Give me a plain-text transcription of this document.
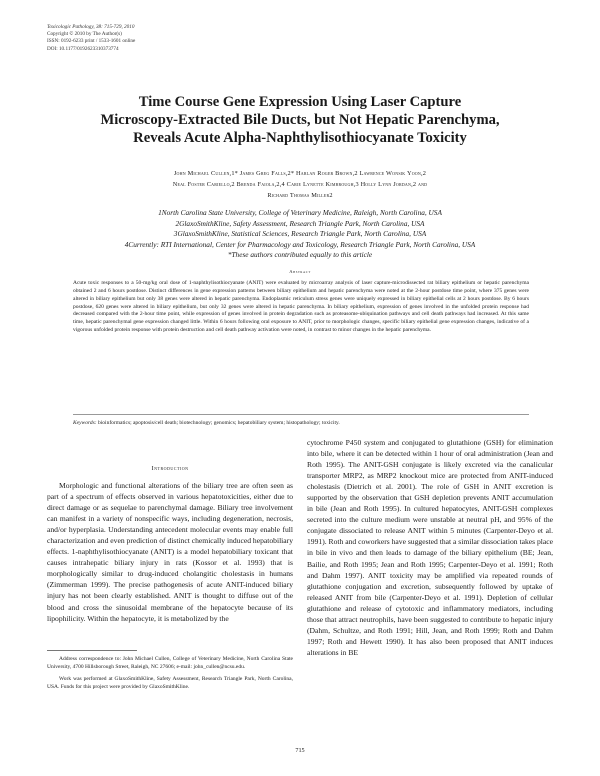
Toxicologic Pathology, 38: 715-729, 2010
Copyright © 2010 by The Author(s)
ISSN: 0192-6233 print / 1533-1601 online
DOI: 10.1177/0192623310373774
Time Course Gene Expression Using Laser Capture
Microscopy-Extracted Bile Ducts, but Not Hepatic Parenchyma,
Reveals Acute Alpha-Naphthylisothiocyanate Toxicity
John Michael Cullen,1* James Greg Falls,2* Harlan Roger Brown,2 Lawrence Wonsik Yoon,2
Neal Foster Cariello,2 Brenda Faiola,2,4 Carie Lynette Kimbrough,3 Holly Lynn Jordan,2 and
Richard Thomas Miller2
1North Carolina State University, College of Veterinary Medicine, Raleigh, North Carolina, USA
2GlaxoSmithKline, Safety Assessment, Research Triangle Park, North Carolina, USA
3GlaxoSmithKline, Statistical Sciences, Research Triangle Park, North Carolina, USA
4Currently: RTI International, Center for Pharmacology and Toxicology, Research Triangle Park, North Carolina, USA
*These authors contributed equally to this article
Abstract

Acute toxic responses to a 50-mg/kg oral dose of 1-naphthylisothiocyanate (ANIT) were evaluated by microarray analysis of laser capture-microdissected rat biliary epithelium or hepatic parenchyma obtained 2 and 6 hours postdose. Distinct differences in gene expression patterns between biliary epithelium and hepatic parenchyma were noted at the 2-hour postdose time point, where 375 genes were altered in biliary epithelium but only 38 genes were altered in hepatic parenchyma. Endoplasmic reticulum stress genes were uniquely expressed in biliary epithelial cells at 2 hours postdose. By 6 hours postdose, 620 genes were altered in biliary epithelium, but only 32 genes were altered in hepatic parenchyma. In biliary epithelium, expression of genes involved in the unfolded protein response had decreased compared with the 2-hour time point, while expression of genes involved in protein degradation such as proteasome-ubiquination pathways and cell death pathways had increased. At this same time, hepatic parenchymal gene expression changed little. Within 6 hours following oral exposure to ANIT, prior to morphologic changes, specific biliary epithelial gene expression changes, indicative of a vigorous unfolded protein response with protein destruction and cell death pathway activation were noted, in contrast to minor changes in the hepatic parenchyma.

Keywords: bioinformatics; apoptosis/cell death; biotechnology; genomics; hepatobiliary system; histopathology; toxicity.
Introduction

Morphologic and functional alterations of the biliary tree are often seen as part of a spectrum of effects observed in various hepatotoxicities, either due to direct damage or as sequelae to parenchymal damage. Biliary tree involvement can manifest in a variety of nonspecific ways, including degeneration, necrosis, and/or hyperplasia. Understanding antecedent molecular events may enable full characterization and even prediction of distinct chemically induced hepatobiliary effects. 1-naphthylisothiocyanate (ANIT) is a model hepatobiliary toxicant that causes intrahepatic biliary injury in rats (Kossor et al. 1993) that is morphologically similar to drug-induced cholangitic cholestasis in humans (Zimmerman 1999). The precise pathogenesis of acute ANIT-induced biliary injury has not been clearly established. ANIT is thought to diffuse out of the blood and cross the sinusoidal membrane of the hepatocyte because of its lipophilicity. Within the hepatocyte, it is metabolized by the

cytochrome P450 system and conjugated to glutathione (GSH) for elimination into bile, where it can be detected within 1 hour of oral administration (Jean and Roth 1995). The ANIT-GSH conjugate is likely excreted via the canalicular transporter MRP2, as MRP2 knockout mice are protected from ANIT-induced cholestasis (Dietrich et al. 2001). The role of GSH in ANIT excretion is supported by the observation that GSH depletion prevents ANIT accumulation in bile (Jean and Roth 1995). In cultured hepatocytes, ANIT-GSH complexes secreted into the culture medium were unstable at neutral pH, and 95% of the conjugate dissociated to release ANIT within 5 minutes (Carpenter-Deyo et al. 1991). Roth and coworkers have suggested that a similar dissociation takes place in bile in vivo and then leads to damage of the biliary epithelium (BE; Jean, Bailie, and Roth 1995; Jean and Roth 1995; Carpenter-Deyo et al. 1991; Roth and Dahm 1997). ANIT toxicity may be amplified via repeated rounds of glutathione conjugation and excretion, subsequently followed by uptake of released ANIT from bile (Carpenter-Deyo et al. 1991). Depletion of cellular glutathione and release of cytotoxic and inflammatory mediators, including those that attract neutrophils, have been suggested to contribute to hepatic injury (Dahm, Schultze, and Roth 1991; Hill, Jean, and Roth 1999; Roth and Dahm 1997; Roth and Hewett 1990). It has also been proposed that ANIT induces alterations in BE

Address correspondence to: John Michael Cullen, College of Veterinary Medicine, North Carolina State University, 4700 Hillsborough Street, Raleigh, NC 27606; e-mail: john_cullen@ncsu.edu.

Work was performed at GlaxoSmithKline, Safety Assessment, Research Triangle Park, North Carolina, USA. Funds for this project were provided by GlaxoSmithKline.

715
